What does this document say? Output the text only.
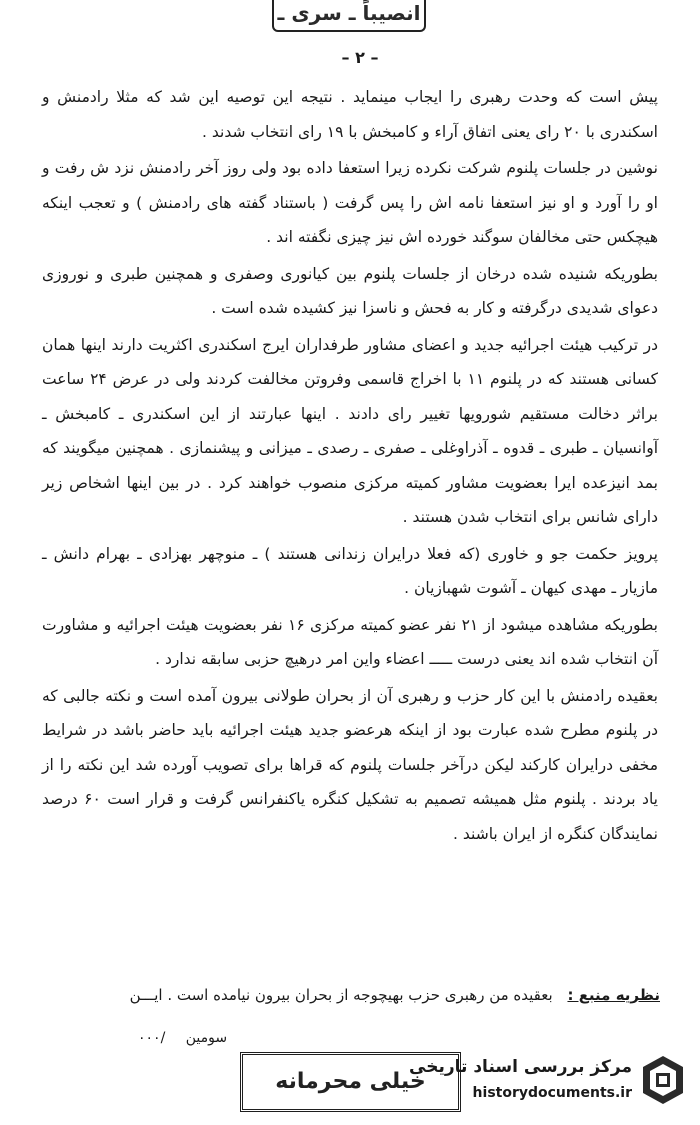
انصیباً ـ سری ـ
– ۲ –

پیش است که وحدت رهبری را ایجاب مینماید . نتیجه این توصیه این شد که مثلا رادمنش و اسکندری با ۲۰ رای یعنی اتفاق آراء و کامبخش با ۱۹ رای انتخاب شدند .

نوشین در جلسات پلنوم شرکت نکرده زیرا استعفا داده بود ولی روز آخر رادمنش نزد ش رفت و او را آورد و او نیز استعفا نامه اش را پس گرفت ( باستناد گفته های رادمنش ) و تعجب اینکه هیچکس حتی مخالفان سوگند خورده اش نیز چیزی نگفته اند .

بطوریکه شنیده شده درخان از جلسات پلنوم بین کیانوری وصفری و همچنین طبری و نوروزی دعوای شدیدی درگرفته و کار به فحش و ناسزا نیز کشیده شده است .

در ترکیب هیئت اجرائیه جدید و اعضای مشاور طرفداران ایرج اسکندری اکثریت دارند اینها همان کسانی هستند که در پلنوم ۱۱ با اخراج قاسمی وفروتن مخالفت کردند ولی در عرض ۲۴ ساعت براثر دخالت مستقیم شورویها تغییر رای دادند . اینها عبارتند از این اسکندری ـ کامبخش ـ آوانسیان ـ طبری ـ قدوه ـ آذراوغلی ـ صفری ـ رصدی ـ میزانی و پیشنمازی . همچنین میگویند که بمد انیزعده ایرا بعضویت مشاور کمیته مرکزی منصوب خواهند کرد . در بین اینها اشخاص زیر دارای شانس برای انتخاب شدن هستند .

پرویز حکمت جو و خاوری (که فعلا درایران زندانی هستند ) ـ منوچهر بهزادی ـ بهرام دانش ـ مازیار ـ مهدی کیهان ـ آشوت شهبازیان .

بطوریکه مشاهده میشود از ۲۱ نفر عضو کمیته مرکزی ۱۶ نفر بعضویت هیئت اجرائیه و مشاورت آن انتخاب شده اند یعنی درست ـــــ اعضاء واین امر درهیچ حزبی سابقه ندارد .

بعقیده رادمنش با این کار حزب و رهبری آن از بحران طولانی بیرون آمده است و نکته جالبی که در پلنوم مطرح شده عبارت بود از اینکه هرعضو جدید هیئت اجرائیه باید حاضر باشد در شرایط مخفی درایران کارکند لیکن درآخر جلسات پلنوم که قراها برای تصویب آورده شد این نکته را از یاد بردند . پلنوم مثل همیشه تصمیم به تشکیل کنگره یاکنفرانس گرفت و قرار است ۶۰ درصد نمایندگان کنگره از ایران باشند .

نظریه منبع : بعقیده من رهبری حزب بهیچوجه از بحران بیرون نیامده است . ایـــن
سومین /۰۰۰
خیلی محرمانه
مرکز بررسی اسناد تاریخی
historydocuments.ir
